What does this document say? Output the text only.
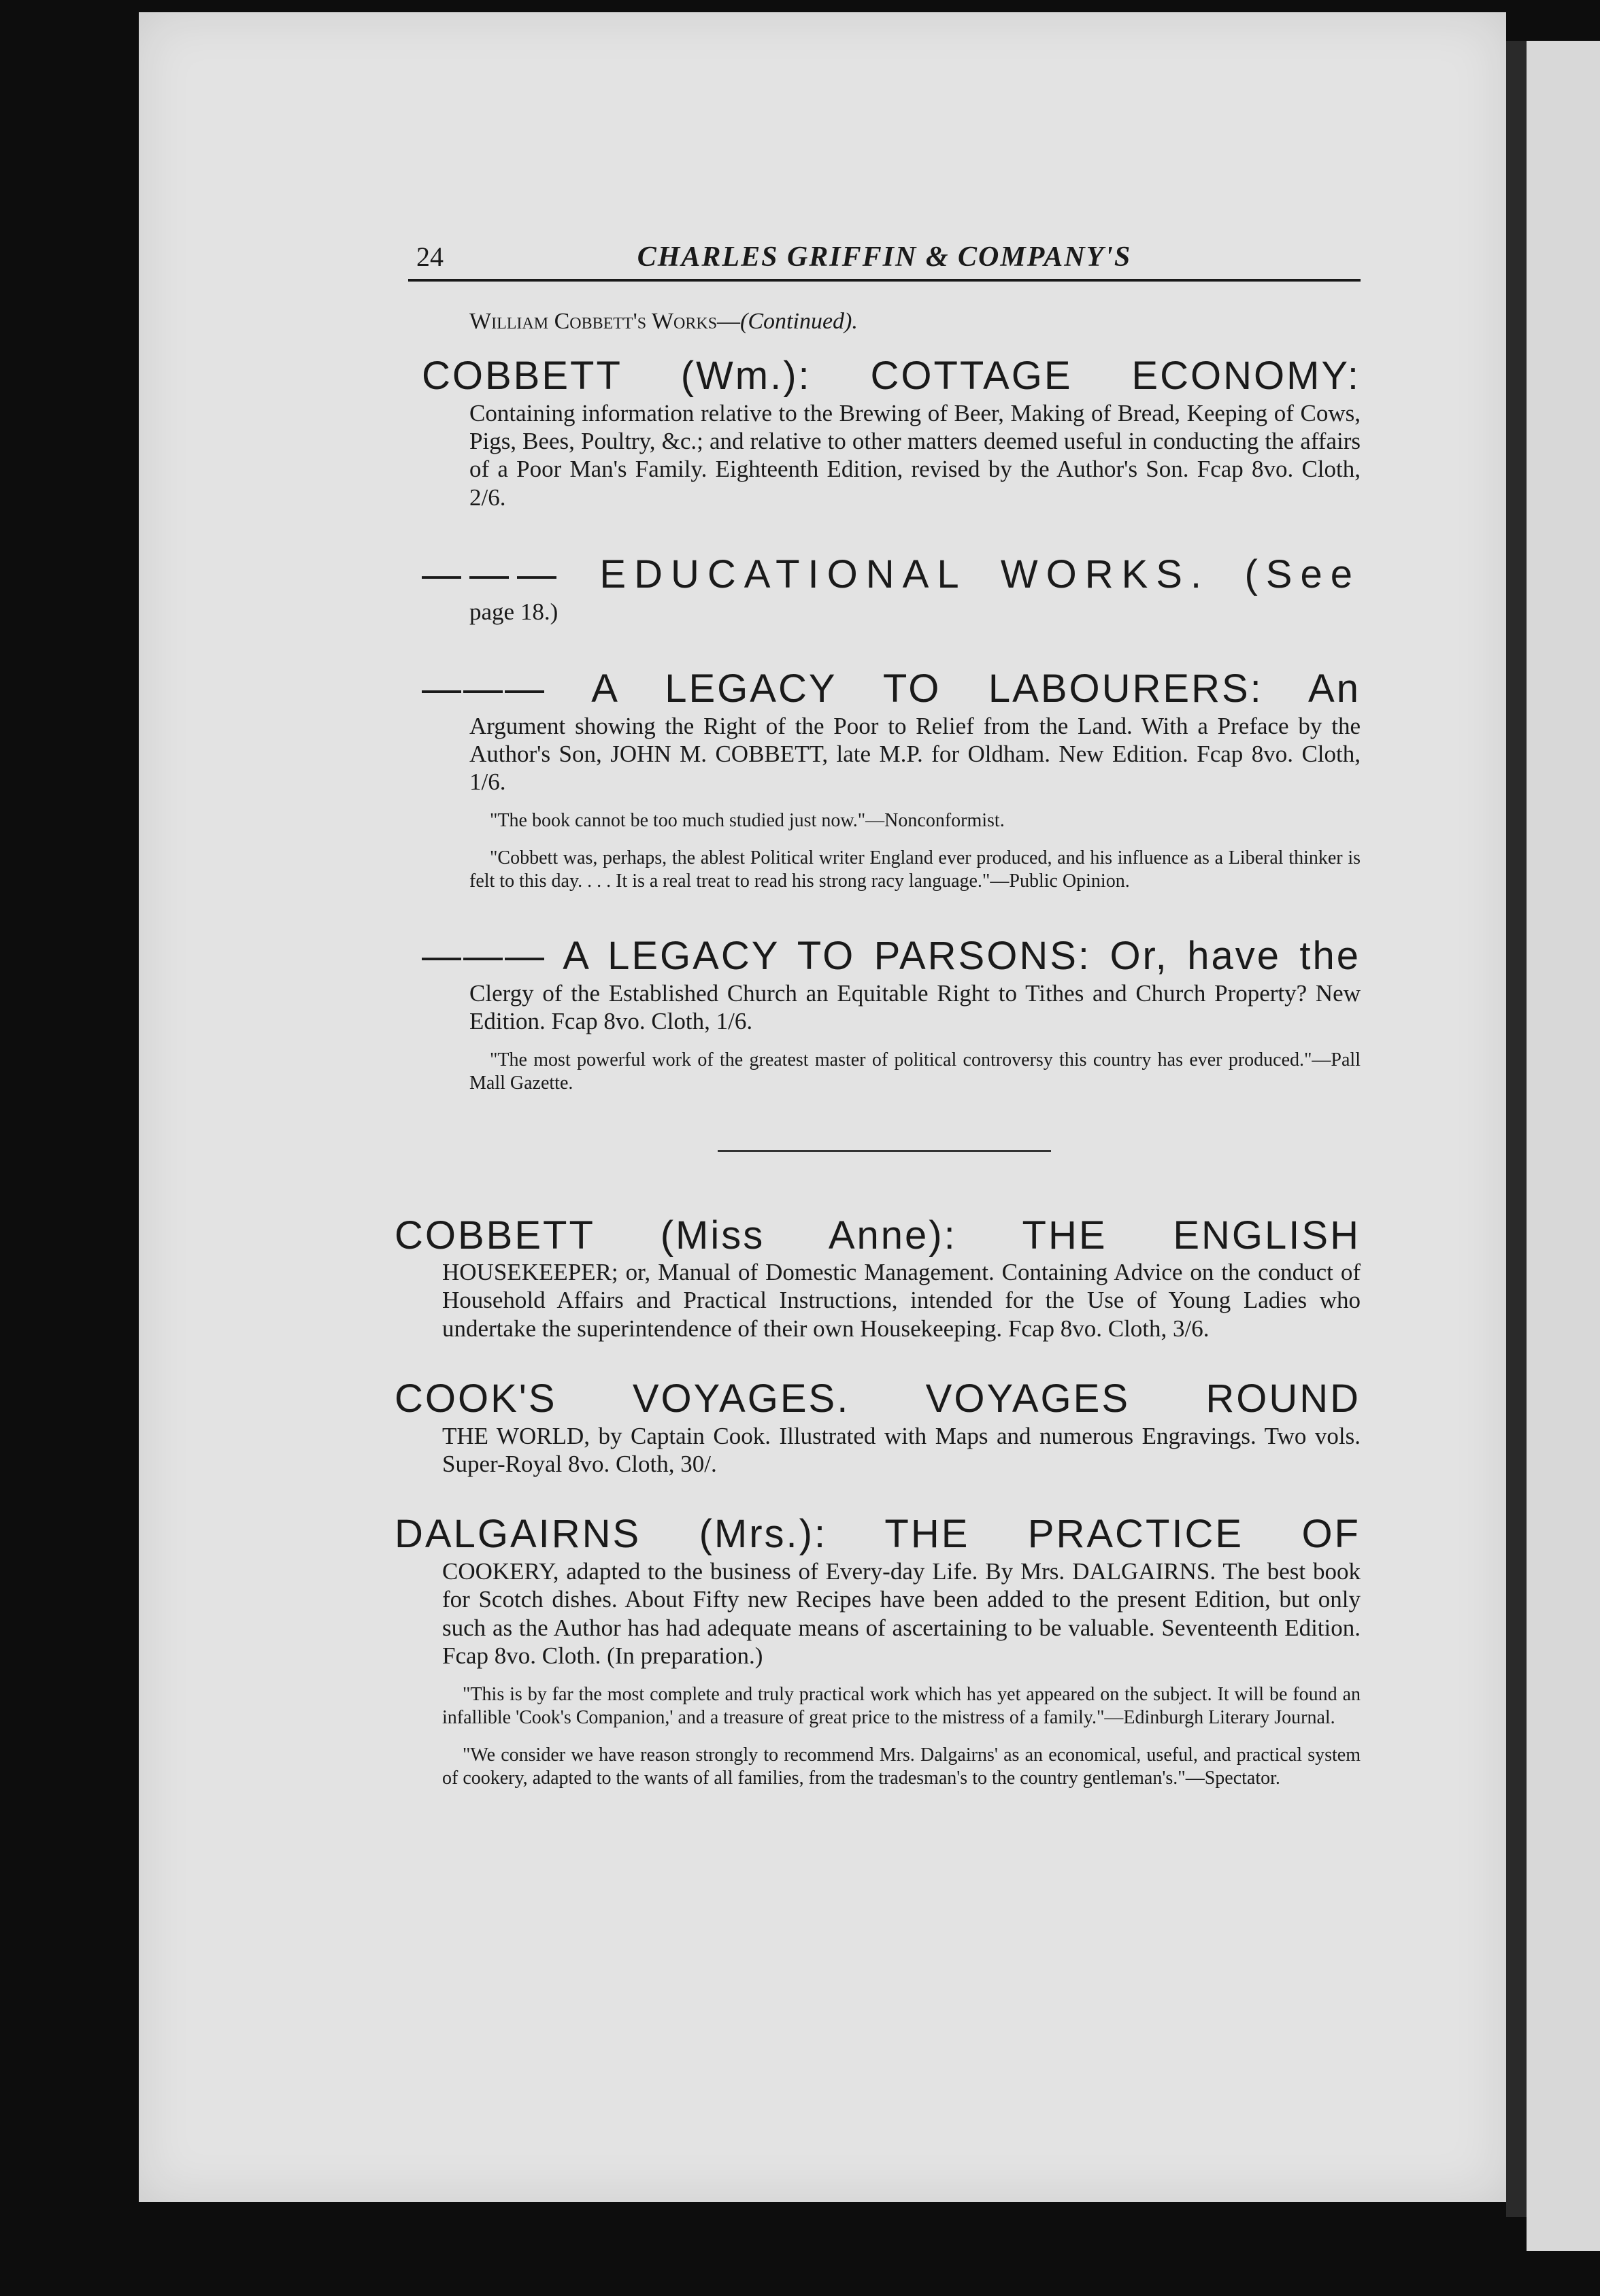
24	CHARLES GRIFFIN & COMPANY'S
William Cobbett's Works—(Continued).
COBBETT (Wm.): COTTAGE ECONOMY:
Containing information relative to the Brewing of Beer, Making of Bread, Keeping of Cows, Pigs, Bees, Poultry, &c.; and relative to other matters deemed useful in conducting the affairs of a Poor Man's Family. Eighteenth Edition, revised by the Author's Son. Fcap 8vo. Cloth, 2/6.
——— EDUCATIONAL WORKS. (See
page 18.)
——— A LEGACY TO LABOURERS: An
Argument showing the Right of the Poor to Relief from the Land. With a Preface by the Author's Son, JOHN M. COBBETT, late M.P. for Oldham. New Edition. Fcap 8vo. Cloth, 1/6.
"The book cannot be too much studied just now."—Nonconformist.
"Cobbett was, perhaps, the ablest Political writer England ever produced, and his influence as a Liberal thinker is felt to this day. . . . It is a real treat to read his strong racy language."—Public Opinion.
——— A LEGACY TO PARSONS: Or, have the
Clergy of the Established Church an Equitable Right to Tithes and Church Property? New Edition. Fcap 8vo. Cloth, 1/6.
"The most powerful work of the greatest master of political controversy this country has ever produced."—Pall Mall Gazette.
COBBETT (Miss Anne): THE ENGLISH
HOUSEKEEPER; or, Manual of Domestic Management. Containing Advice on the conduct of Household Affairs and Practical Instructions, intended for the Use of Young Ladies who undertake the superintendence of their own Housekeeping. Fcap 8vo. Cloth, 3/6.
COOK'S VOYAGES. VOYAGES ROUND
THE WORLD, by Captain Cook. Illustrated with Maps and numerous Engravings. Two vols. Super-Royal 8vo. Cloth, 30/.
DALGAIRNS (Mrs.): THE PRACTICE OF
COOKERY, adapted to the business of Every-day Life. By Mrs. DALGAIRNS. The best book for Scotch dishes. About Fifty new Recipes have been added to the present Edition, but only such as the Author has had adequate means of ascertaining to be valuable. Seventeenth Edition. Fcap 8vo. Cloth. (In preparation.)
"This is by far the most complete and truly practical work which has yet appeared on the subject. It will be found an infallible 'Cook's Companion,' and a treasure of great price to the mistress of a family."—Edinburgh Literary Journal.
"We consider we have reason strongly to recommend Mrs. Dalgairns' as an economical, useful, and practical system of cookery, adapted to the wants of all families, from the tradesman's to the country gentleman's."—Spectator.
